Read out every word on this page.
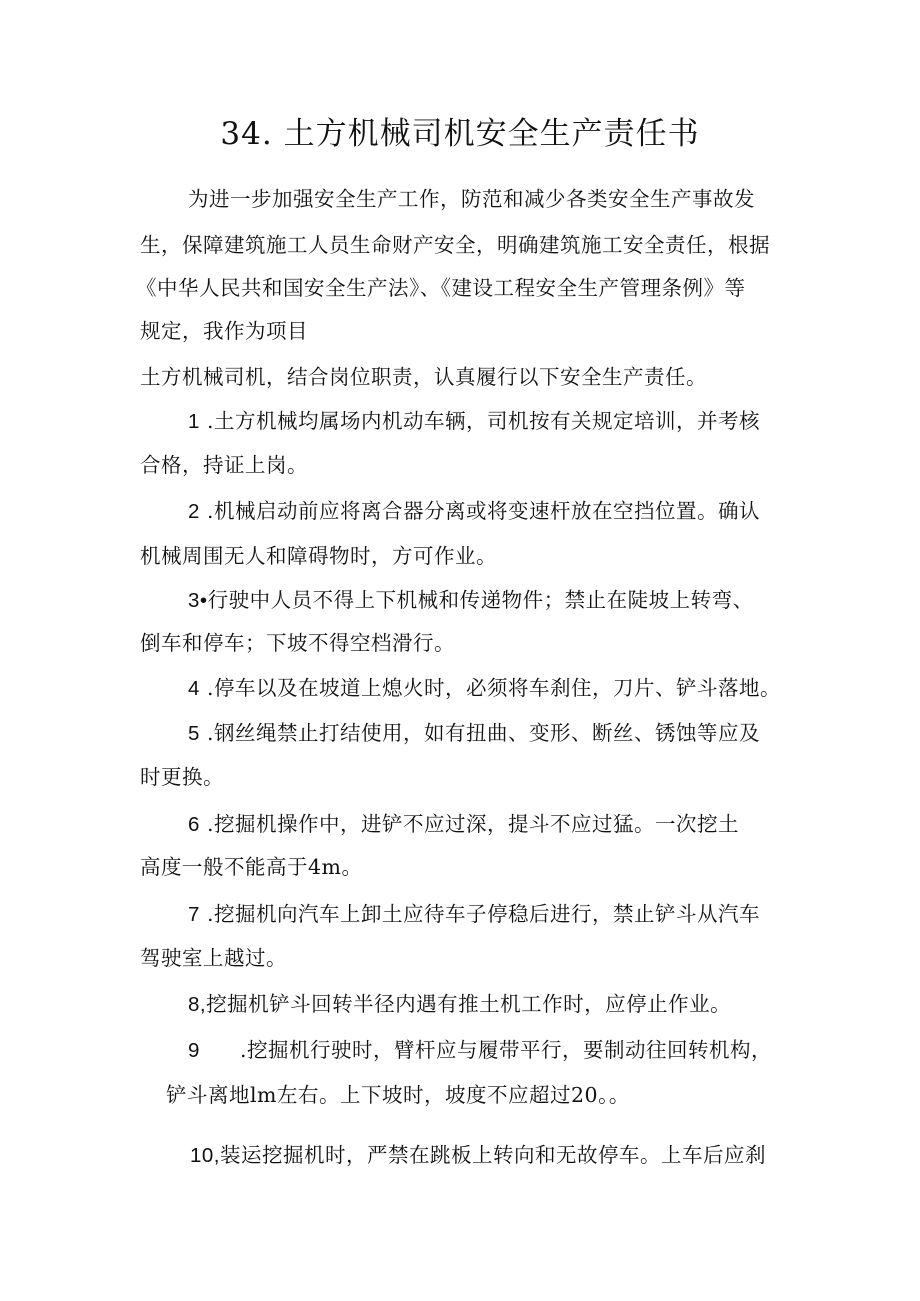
34. 土方机械司机安全生产责任书
为进一步加强安全生产工作，防范和减少各类安全生产事故发
生，保障建筑施工人员生命财产安全，明确建筑施工安全责任，根据
《中华人民共和国安全生产法》、《建设工程安全生产管理条例》等
规定，我作为项目
土方机械司机，结合岗位职责，认真履行以下安全生产责任。
1 .土方机械均属场内机动车辆，司机按有关规定培训，并考核
合格，持证上岗。
2 .机械启动前应将离合器分离或将变速杆放在空挡位置。确认
机械周围无人和障碍物时，方可作业。
3•行驶中人员不得上下机械和传递物件；禁止在陡坡上转弯、
倒车和停车；下坡不得空档滑行。
4 .停车以及在坡道上熄火时，必须将车刹住，刀片、铲斗落地。
5 .钢丝绳禁止打结使用，如有扭曲、变形、断丝、锈蚀等应及
时更换。
6 .挖掘机操作中，进铲不应过深，提斗不应过猛。一次挖土
高度一般不能高于4m。
7 .挖掘机向汽车上卸土应待车子停稳后进行，禁止铲斗从汽车
驾驶室上越过。
8,挖掘机铲斗回转半径内遇有推土机工作时，应停止作业。
9 .挖掘机行驶时，臂杆应与履带平行，要制动往回转机构，
铲斗离地lm左右。上下坡时，坡度不应超过20。。
10,装运挖掘机时，严禁在跳板上转向和无故停车。上车后应刹
